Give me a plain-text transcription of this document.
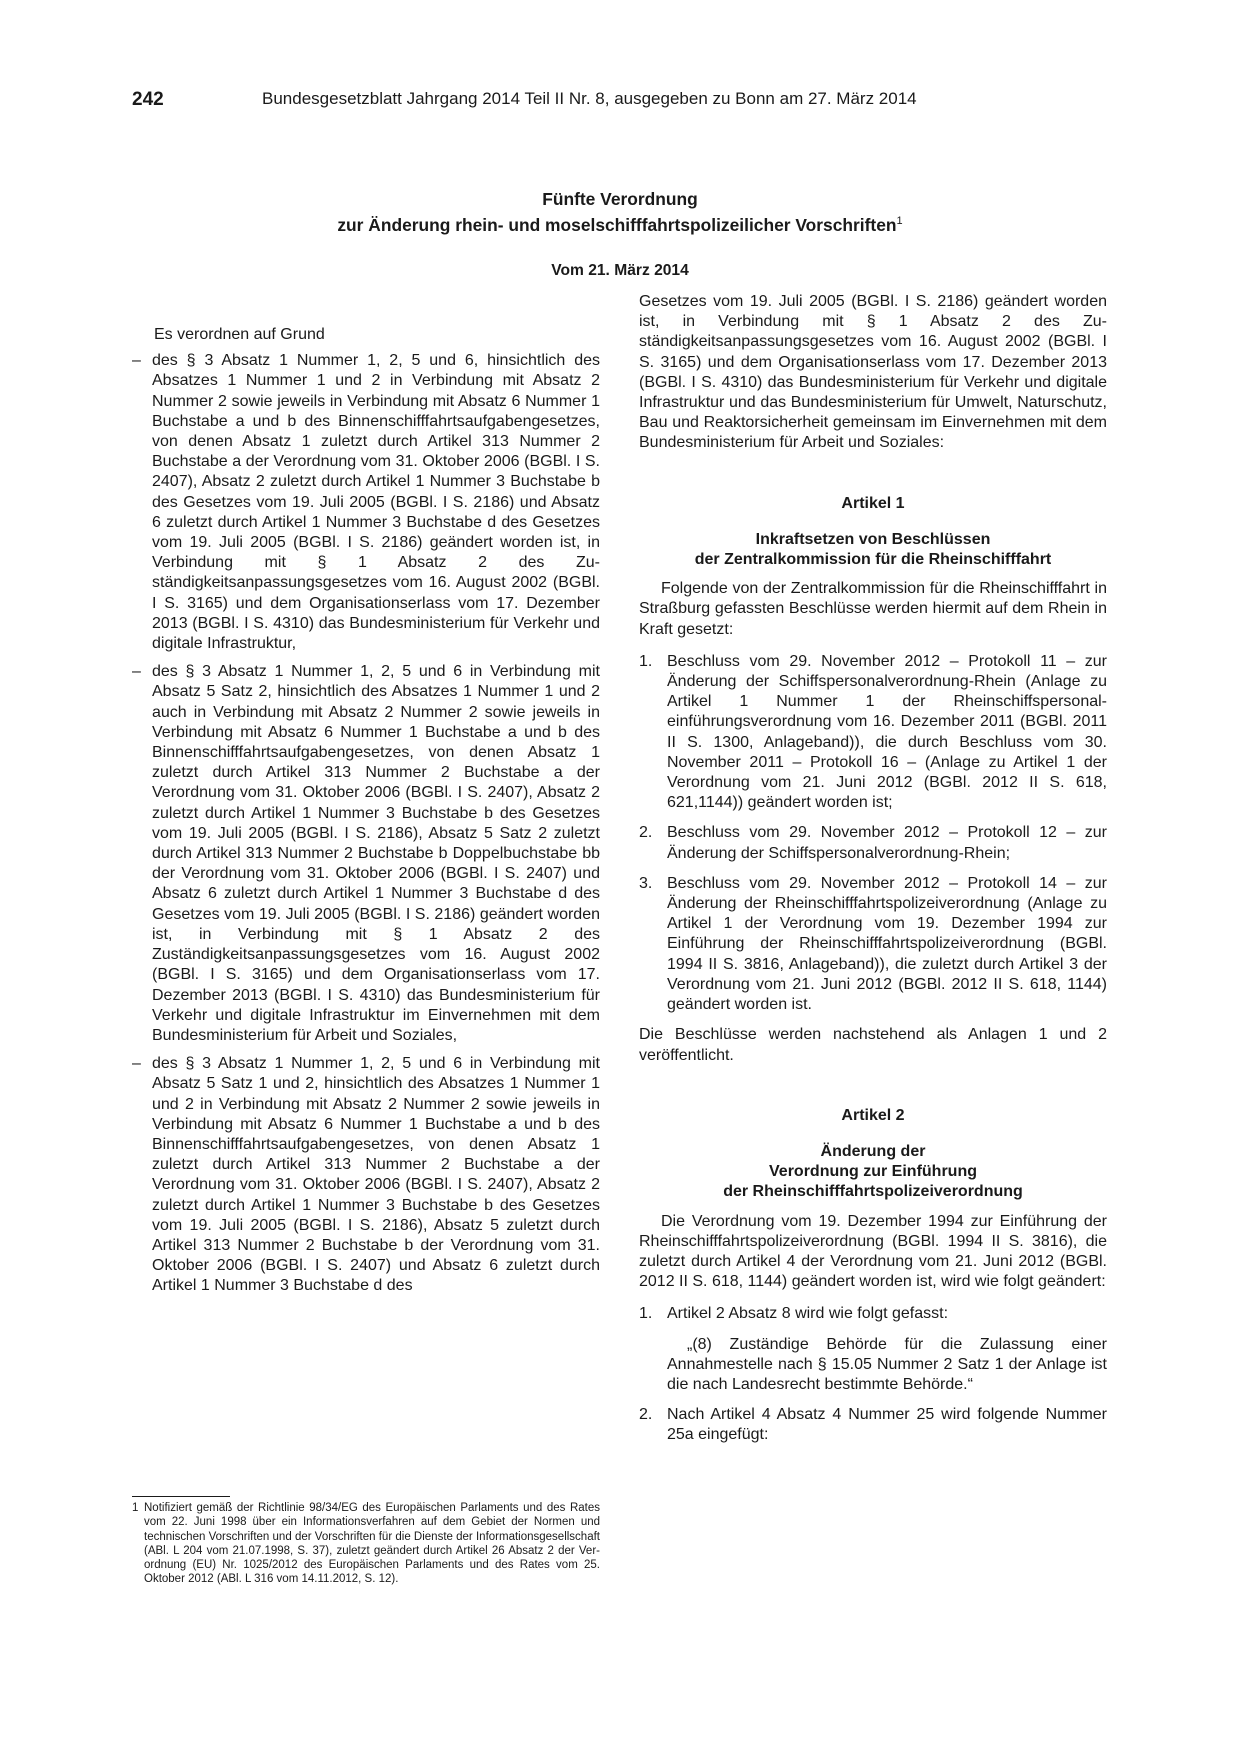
242	Bundesgesetzblatt Jahrgang 2014 Teil II Nr. 8, ausgegeben zu Bonn am 27. März 2014
Fünfte Verordnung
zur Änderung rhein- und moselschifffahrtspolizeilicher Vorschriften$^1$
Vom 21. März 2014

Es verordnen auf Grund

– des § 3 Absatz 1 Nummer 1, 2, 5 und 6, hinsichtlich des Absatzes 1 Nummer 1 und 2 in Verbindung mit Absatz 2 Nummer 2 sowie jeweils in Verbindung mit Absatz 6 Nummer 1 Buchstabe a und b des Binnenschifffahrtsaufgabengesetzes, von denen Absatz 1 zuletzt durch Artikel 313 Nummer 2 Buchstabe a der Verordnung vom 31. Oktober 2006 (BGBl. I S. 2407), Absatz 2 zuletzt durch Artikel 1 Nummer 3 Buchstabe b des Gesetzes vom 19. Juli 2005 (BGBl. I S. 2186) und Absatz 6 zuletzt durch Artikel 1 Nummer 3 Buchstabe d des Gesetzes vom 19. Juli 2005 (BGBl. I S. 2186) geändert worden ist, in Verbindung mit § 1 Absatz 2 des Zuständigkeitsanpassungsgesetzes vom 16. August 2002 (BGBl. I S. 3165) und dem Organisationserlass vom 17. Dezember 2013 (BGBl. I S. 4310) das Bundesministerium für Verkehr und digitale Infrastruktur,
– des § 3 Absatz 1 Nummer 1, 2, 5 und 6 in Verbindung mit Absatz 5 Satz 2, hinsichtlich des Absatzes 1 Nummer 1 und 2 auch in Verbindung mit Absatz 2 Nummer 2 sowie jeweils in Verbindung mit Absatz 6 Nummer 1 Buchstabe a und b des Binnenschifffahrtsaufgabengesetzes, von denen Absatz 1 zuletzt durch Artikel 313 Nummer 2 Buchstabe a der Verordnung vom 31. Oktober 2006 (BGBl. I S. 2407), Absatz 2 zuletzt durch Artikel 1 Nummer 3 Buchstabe b des Gesetzes vom 19. Juli 2005 (BGBl. I S. 2186), Absatz 5 Satz 2 zuletzt durch Artikel 313 Nummer 2 Buchstabe b Doppelbuchstabe bb der Verordnung vom 31. Oktober 2006 (BGBl. I S. 2407) und Absatz 6 zuletzt durch Artikel 1 Nummer 3 Buchstabe d des Gesetzes vom 19. Juli 2005 (BGBl. I S. 2186) geändert worden ist, in Verbindung mit § 1 Absatz 2 des Zuständigkeitsanpassungsgesetzes vom 16. August 2002 (BGBl. I S. 3165) und dem Organisationserlass vom 17. Dezember 2013 (BGBl. I S. 4310) das Bundesministerium für Verkehr und digitale Infrastruktur im Einvernehmen mit dem Bundesministerium für Arbeit und Soziales,
– des § 3 Absatz 1 Nummer 1, 2, 5 und 6 in Verbindung mit Absatz 5 Satz 1 und 2, hinsichtlich des Absatzes 1 Nummer 1 und 2 in Verbindung mit Absatz 2 Nummer 2 sowie jeweils in Verbindung mit Absatz 6 Nummer 1 Buchstabe a und b des Binnenschifffahrtsaufgabengesetzes, von denen Absatz 1 zuletzt durch Artikel 313 Nummer 2 Buchstabe a der Verordnung vom 31. Oktober 2006 (BGBl. I S. 2407), Absatz 2 zuletzt durch Artikel 1 Nummer 3 Buchstabe b des Gesetzes vom 19. Juli 2005 (BGBl. I S. 2186), Absatz 5 zuletzt durch Artikel 313 Nummer 2 Buchstabe b der Verordnung vom 31. Oktober 2006 (BGBl. I S. 2407) und Absatz 6 zuletzt durch Artikel 1 Nummer 3 Buchstabe d des
1 Notifiziert gemäß der Richtlinie 98/34/EG des Europäischen Parlaments und des Rates vom 22. Juni 1998 über ein Informationsverfahren auf dem Gebiet der Normen und technischen Vorschriften und der Vorschriften für die Dienste der Informationsgesellschaft (ABl. L 204 vom 21.07.1998, S. 37), zuletzt geändert durch Artikel 26 Absatz 2 der Verordnung (EU) Nr. 1025/2012 des Europäischen Parlaments und des Rates vom 25. Oktober 2012 (ABl. L 316 vom 14.11.2012, S. 12).

Gesetzes vom 19. Juli 2005 (BGBl. I S. 2186) geändert worden ist, in Verbindung mit § 1 Absatz 2 des Zuständigkeitsanpassungsgesetzes vom 16. August 2002 (BGBl. I S. 3165) und dem Organisationserlass vom 17. Dezember 2013 (BGBl. I S. 4310) das Bundesministerium für Verkehr und digitale Infrastruktur und das Bundesministerium für Umwelt, Naturschutz, Bau und Reaktorsicherheit gemeinsam im Einvernehmen mit dem Bundesministerium für Arbeit und Soziales:

Artikel 1
Inkraftsetzen von Beschlüssen
der Zentralkommission für die Rheinschifffahrt

Folgende von der Zentralkommission für die Rheinschifffahrt in Straßburg gefassten Beschlüsse werden hiermit auf dem Rhein in Kraft gesetzt:

1. Beschluss vom 29. November 2012 – Protokoll 11 – zur Änderung der Schiffspersonalverordnung-Rhein (Anlage zu Artikel 1 Nummer 1 der Rheinschiffspersonaleinführungsverordnung vom 16. Dezember 2011 (BGBl. 2011 II S. 1300, Anlageband)), die durch Beschluss vom 30. November 2011 – Protokoll 16 – (Anlage zu Artikel 1 der Verordnung vom 21. Juni 2012 (BGBl. 2012 II S. 618, 621,1144)) geändert worden ist;
2. Beschluss vom 29. November 2012 – Protokoll 12 – zur Änderung der Schiffspersonalverordnung-Rhein;
3. Beschluss vom 29. November 2012 – Protokoll 14 – zur Änderung der Rheinschifffahrtspolizeiverordnung (Anlage zu Artikel 1 der Verordnung vom 19. Dezember 1994 zur Einführung der Rheinschifffahrtspolizeiverordnung (BGBl. 1994 II S. 3816, Anlageband)), die zuletzt durch Artikel 3 der Verordnung vom 21. Juni 2012 (BGBl. 2012 II S. 618, 1144) geändert worden ist.

Die Beschlüsse werden nachstehend als Anlagen 1 und 2 veröffentlicht.

Artikel 2
Änderung der
Verordnung zur Einführung
der Rheinschifffahrtspolizeiverordnung

Die Verordnung vom 19. Dezember 1994 zur Einführung der Rheinschifffahrtspolizeiverordnung (BGBl. 1994 II S. 3816), die zuletzt durch Artikel 4 der Verordnung vom 21. Juni 2012 (BGBl. 2012 II S. 618, 1144) geändert worden ist, wird wie folgt geändert:

1. Artikel 2 Absatz 8 wird wie folgt gefasst:

„(8) Zuständige Behörde für die Zulassung einer Annahmestelle nach § 15.05 Nummer 2 Satz 1 der Anlage ist die nach Landesrecht bestimmte Behörde.“

2. Nach Artikel 4 Absatz 4 Nummer 25 wird folgende Nummer 25a eingefügt:
